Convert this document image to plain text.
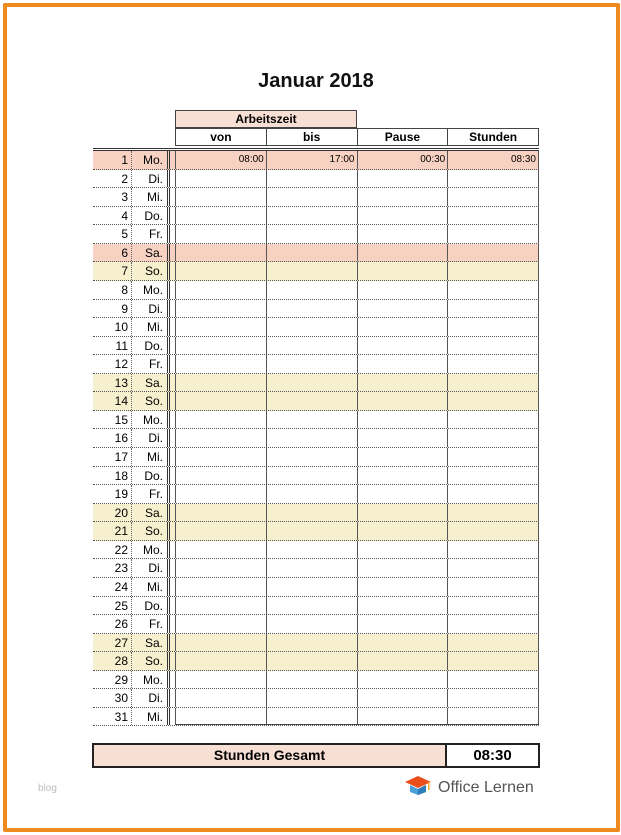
Januar 2018
Arbeitszeit
von	bis	Pause	Stunden
1	Mo.	08:00	17:00	00:30	08:30
2	Di.
3	Mi.
4	Do.
5	Fr.
6	Sa.
7	So.
8	Mo.
9	Di.
10	Mi.
11	Do.
12	Fr.
13	Sa.
14	So.
15	Mo.
16	Di.
17	Mi.
18	Do.
19	Fr.
20	Sa.
21	So.
22	Mo.
23	Di.
24	Mi.
25	Do.
26	Fr.
27	Sa.
28	So.
29	Mo.
30	Di.
31	Mi.
Stunden Gesamt	08:30
blog	Office Lernen
